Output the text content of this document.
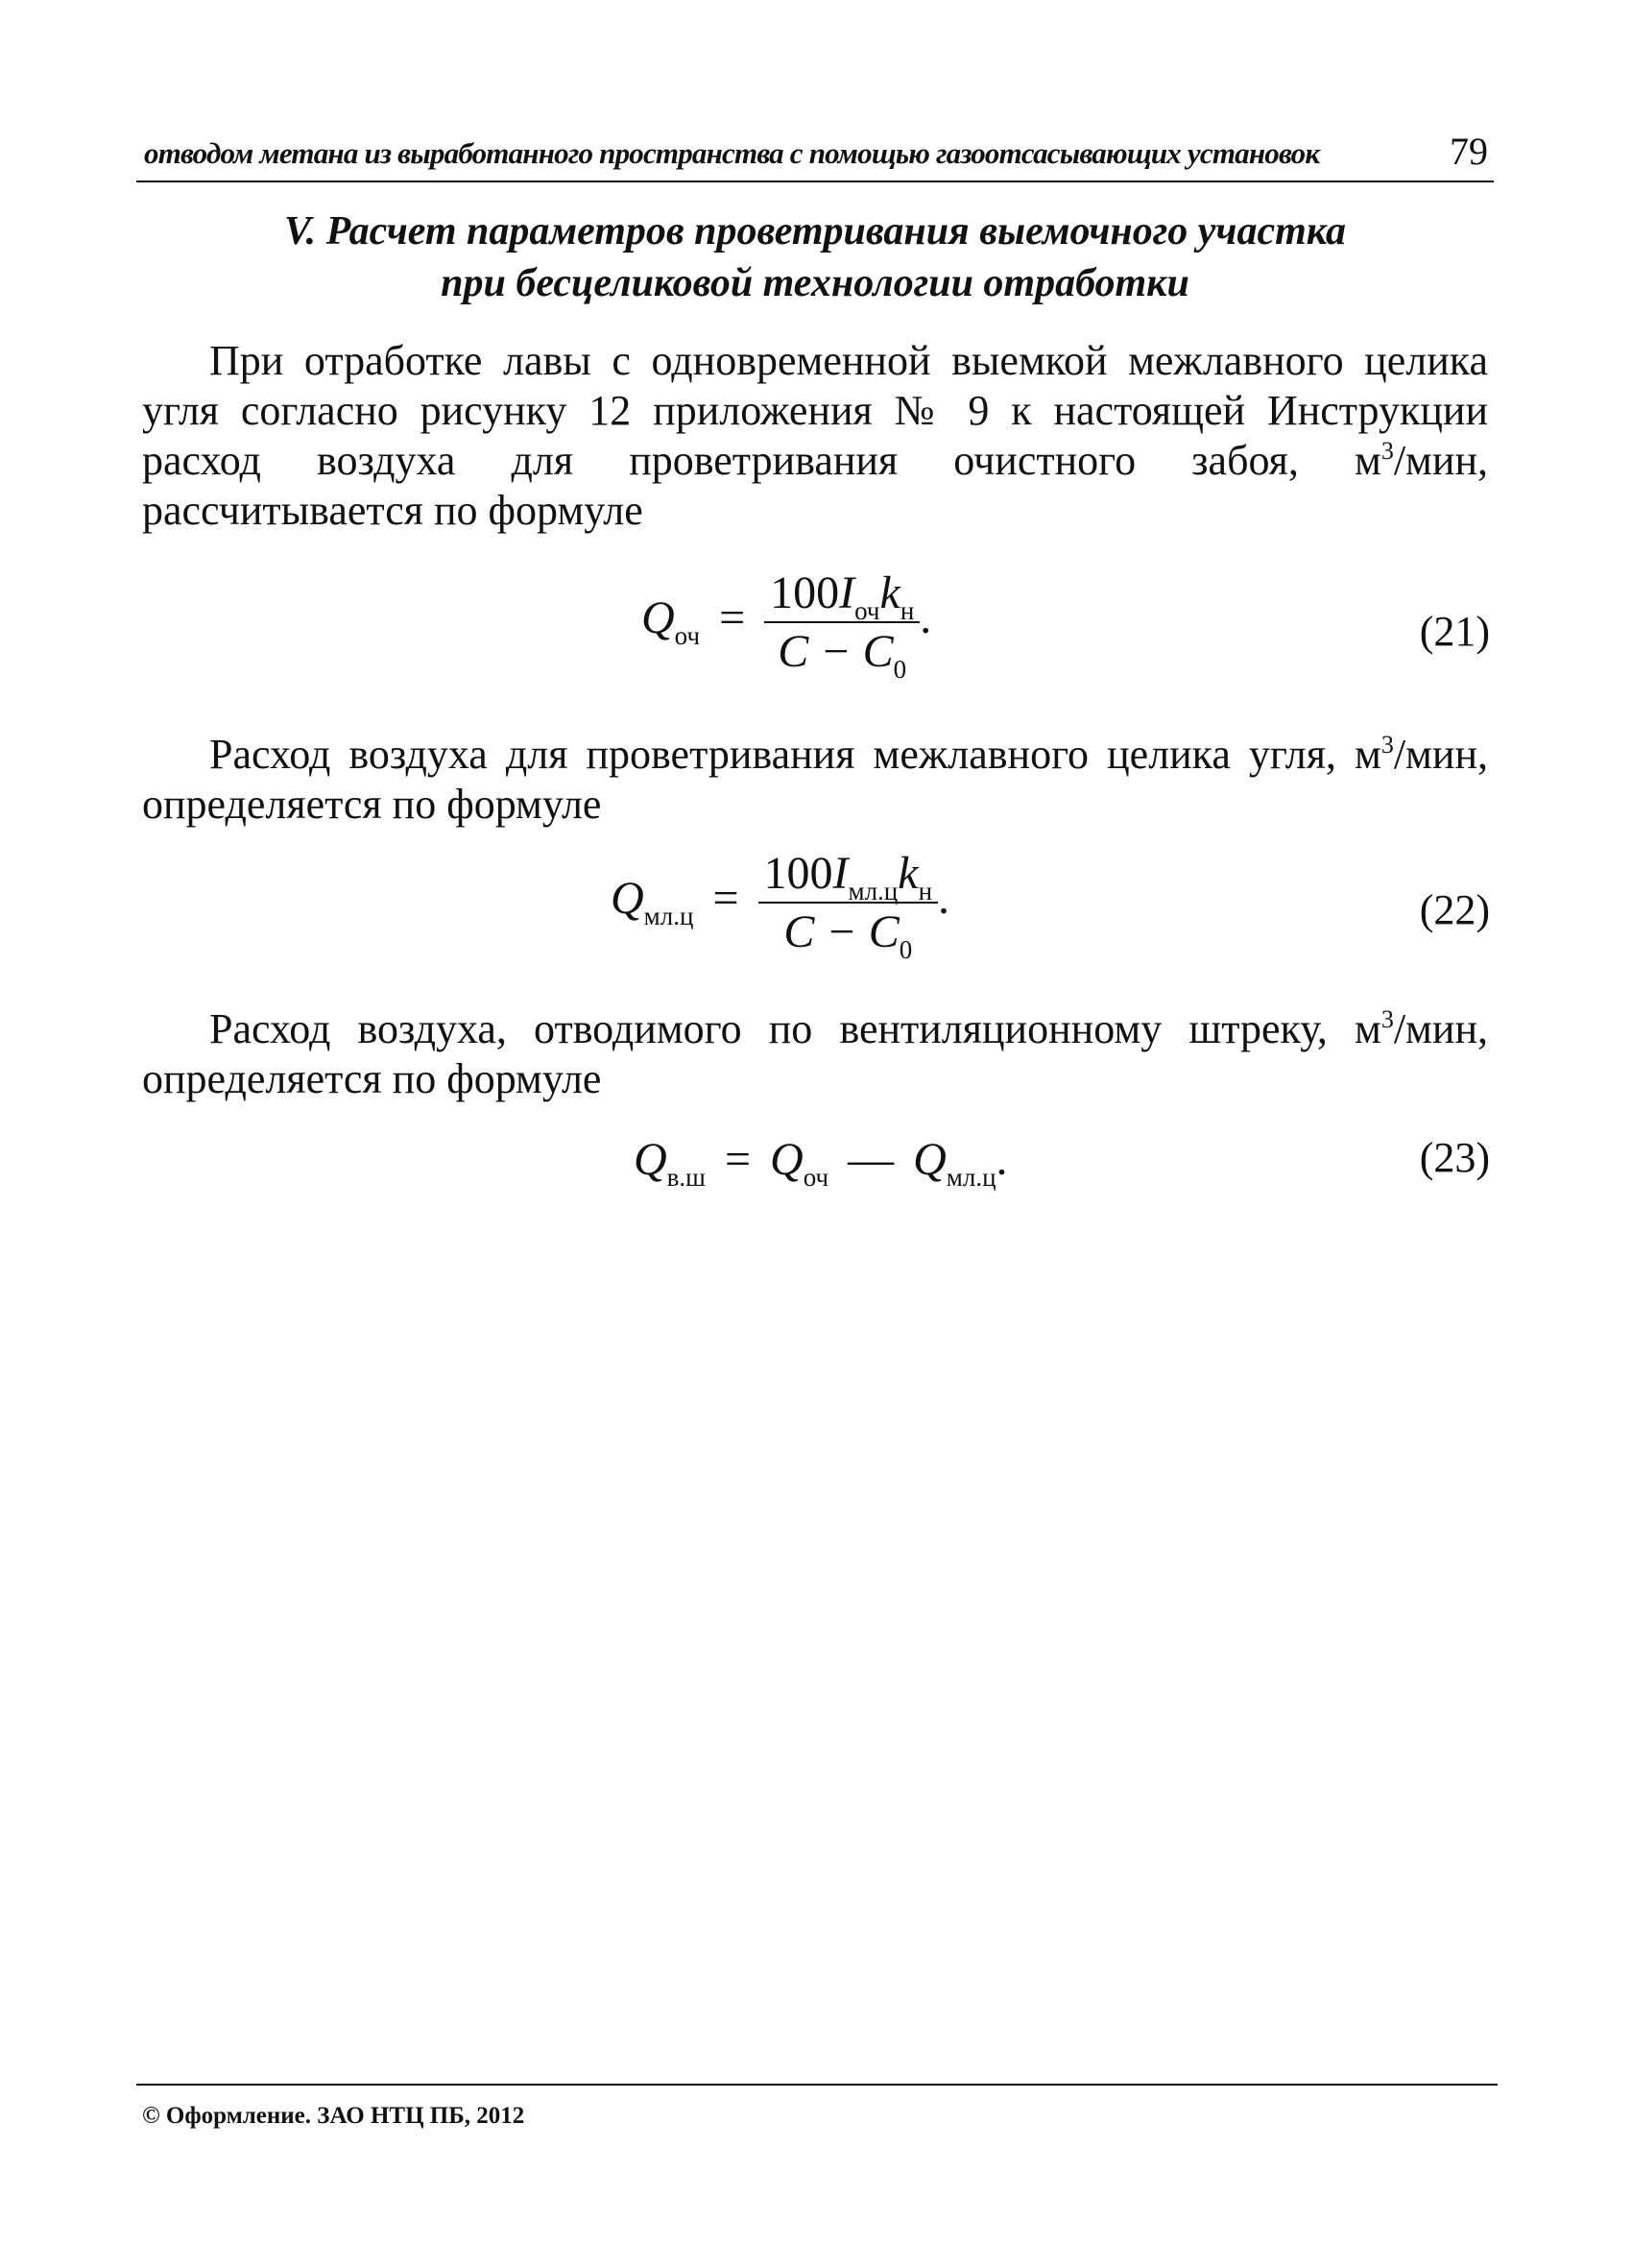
отводом метана из выработанного пространства с помощью газоотсасывающих установок	79
V. Расчет параметров проветривания выемочного участка
при бесцеликовой технологии отработки
При отработке лавы с одновременной выемкой межлавного целика угля согласно рисунку 12 приложения № 9 к настоящей Инструкции расход воздуха для проветривания очистного забоя, $м^3$/мин, рассчитывается по формуле
$Q_{оч} = \frac{100I_{оч}k_н}{C - C_0}$ .	(21)
Расход воздуха для проветривания межлавного целика угля, $м^3$/мин, определяется по формуле
$Q_{мл.ц} = \frac{100I_{мл.ц}k_н}{C - C_0}$ .	(22)
Расход воздуха, отводимого по вентиляционному штреку, $м^3$/мин, определяется по формуле
$Q_{в.ш} = Q_{оч}$ — $Q_{мл.ц}$.	(23)
© Оформление. ЗАО НТЦ ПБ, 2012
